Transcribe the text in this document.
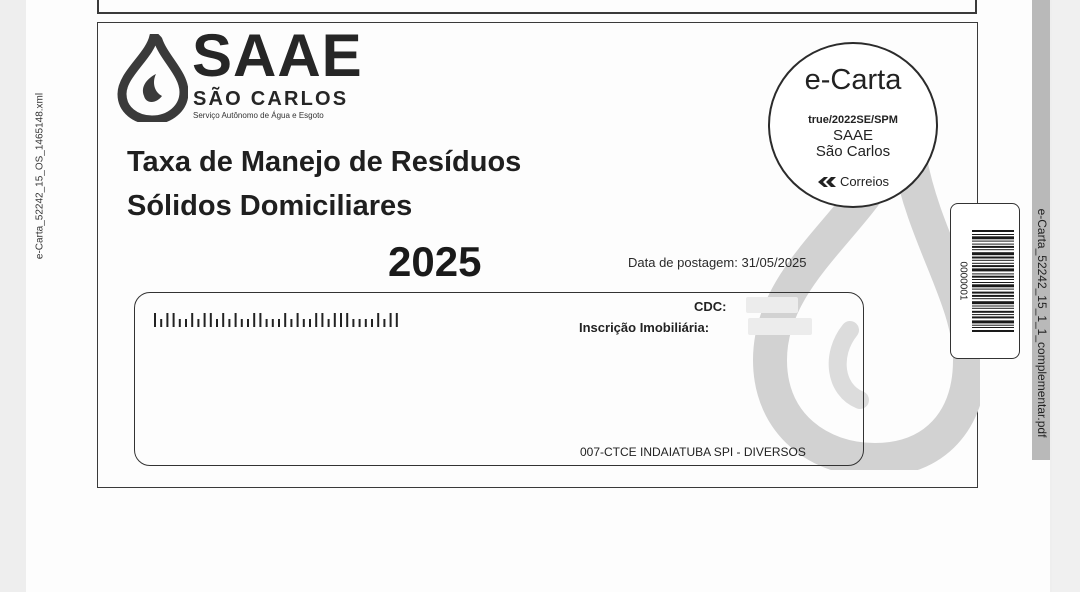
e-Carta_52242_15_OS_1465148.xml
e-Carta_52242_15_1_1_complementar.pdf
SAAE
SÃO CARLOS
Serviço Autônomo de Água e Esgoto
Taxa de Manejo de Resíduos
Sólidos Domiciliares
2025	Data de postagem: 31/05/2025
e-Carta
true/2022SE/SPM
SAAE
São Carlos
Correios
CDC:
Inscrição Imobiliária:
007-CTCE INDAIATUBA SPI - DIVERSOS
0000001
